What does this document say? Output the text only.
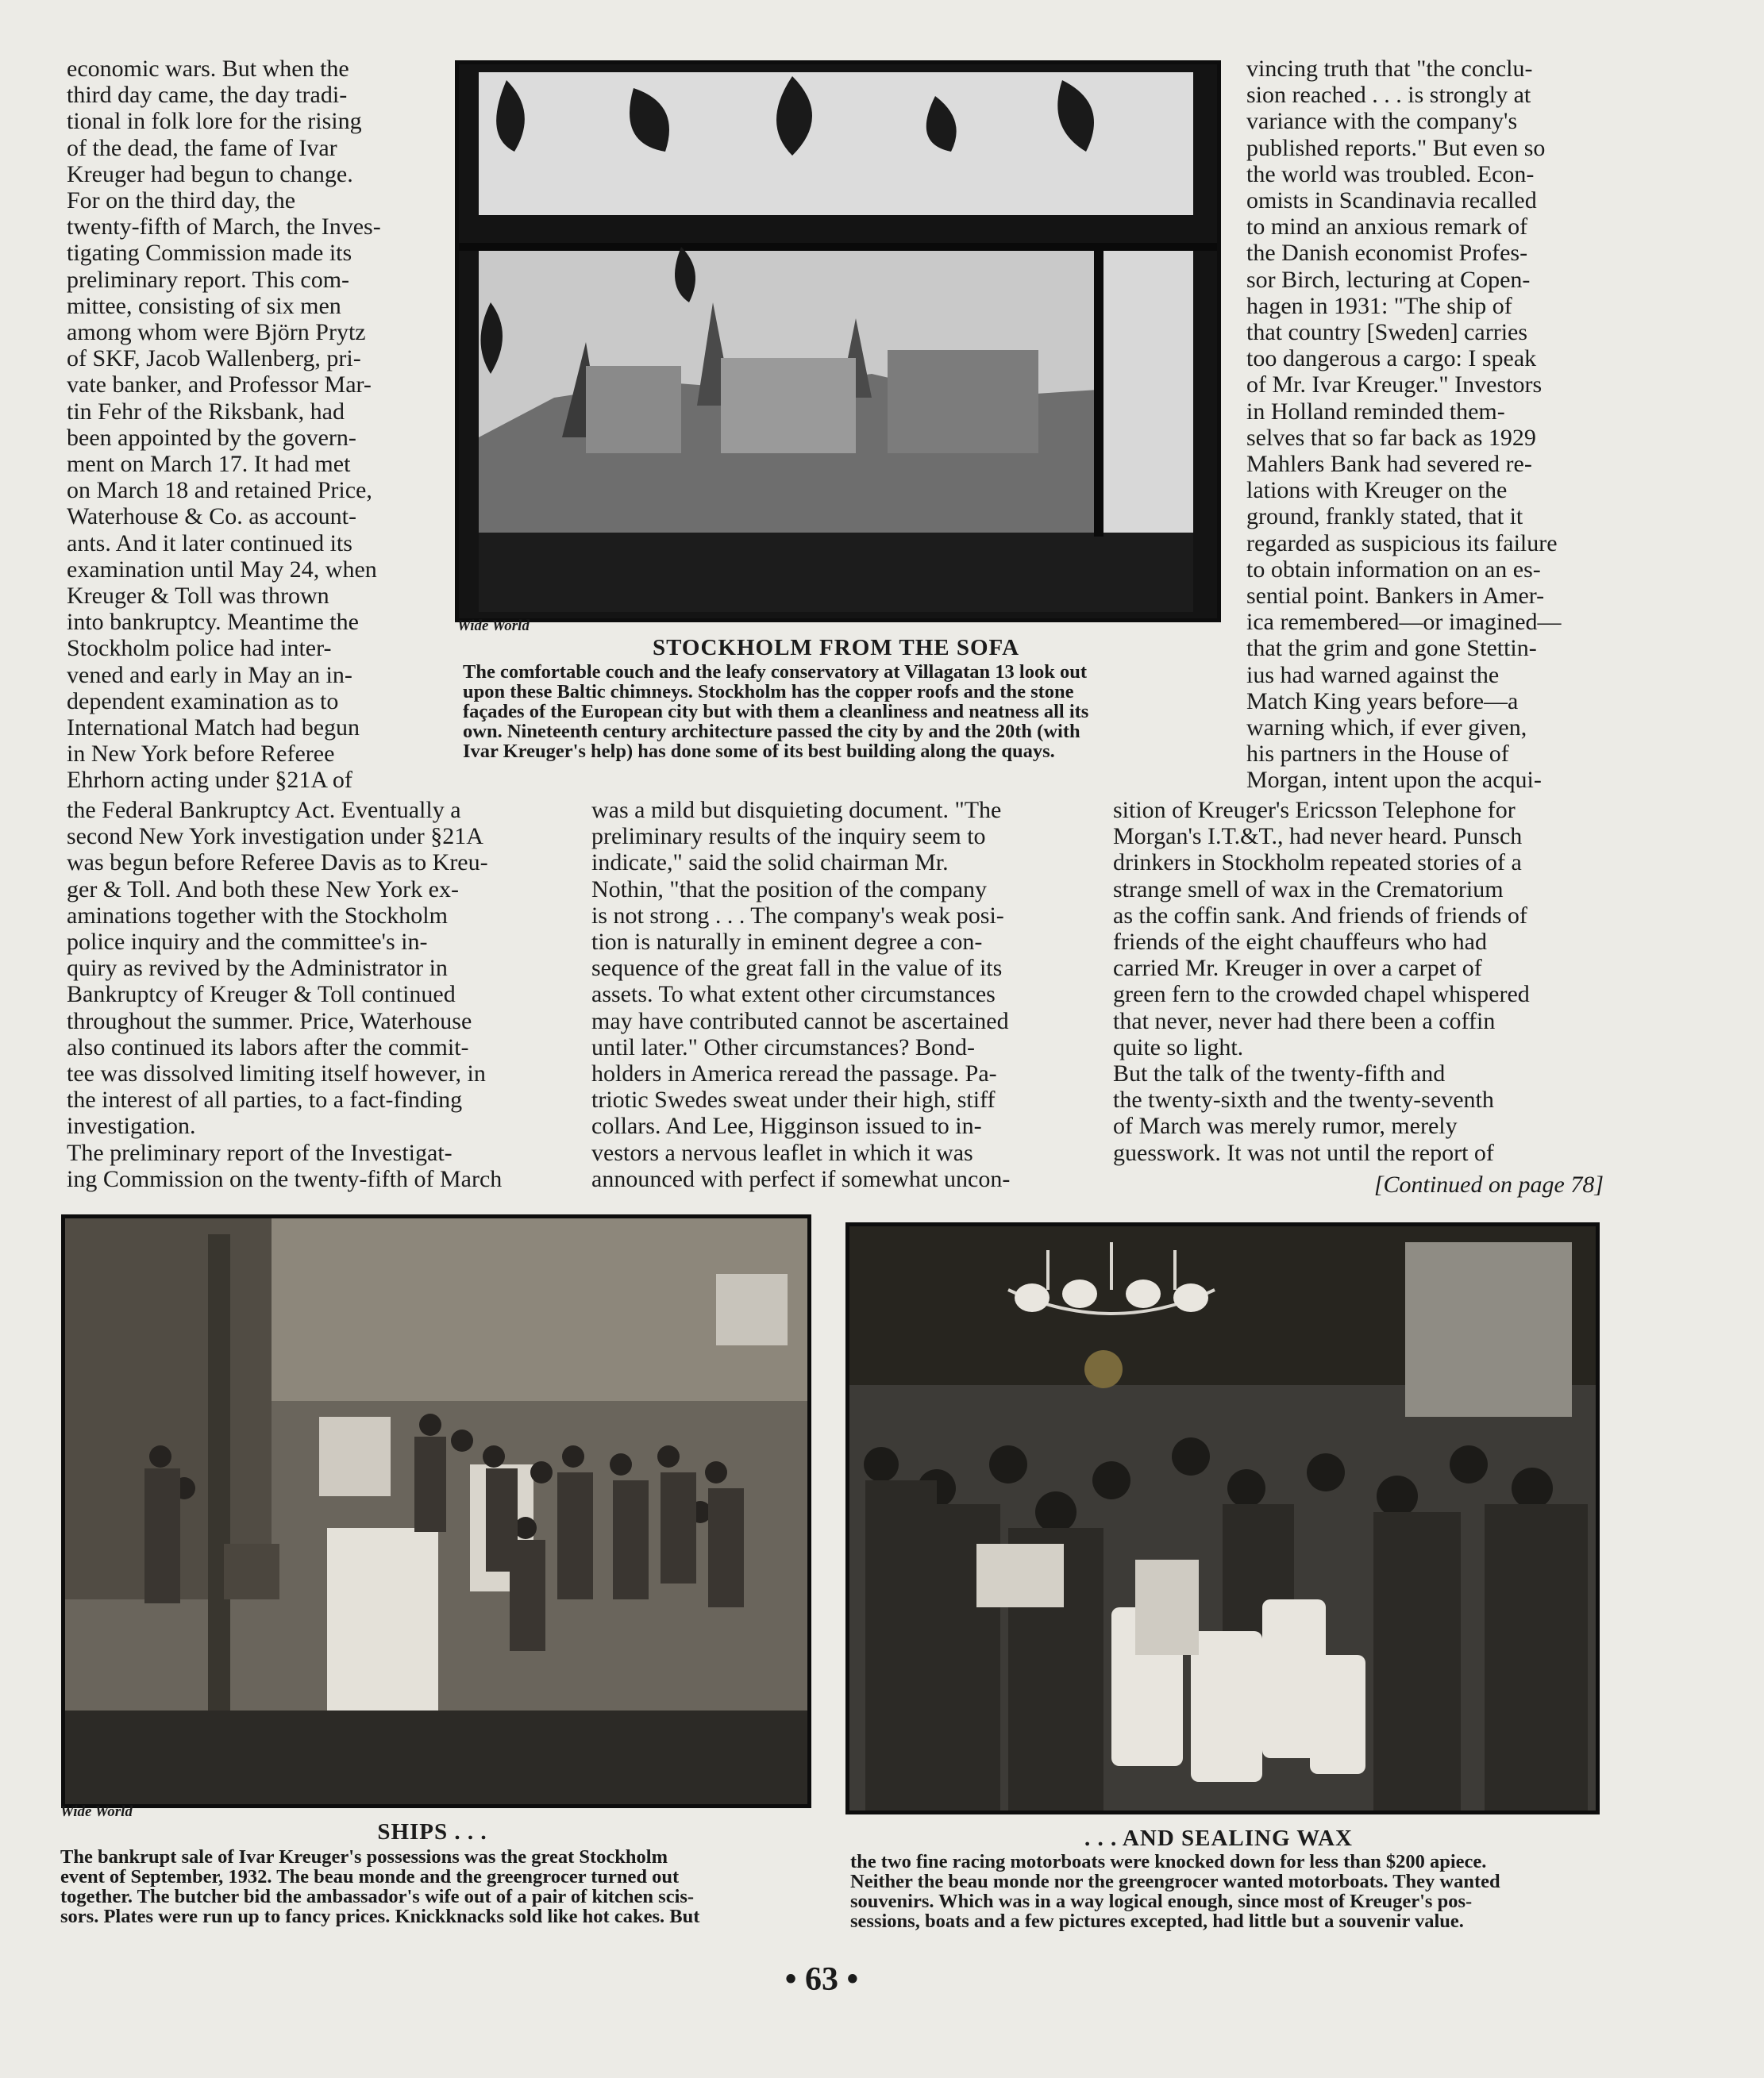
economic wars. But when the
third day came, the day tradi-
tional in folk lore for the rising
of the dead, the fame of Ivar
Kreuger had begun to change.
For on the third day, the
twenty-fifth of March, the Inves-
tigating Commission made its
preliminary report. This com-
mittee, consisting of six men
among whom were Björn Prytz
of SKF, Jacob Wallenberg, pri-
vate banker, and Professor Mar-
tin Fehr of the Riksbank, had
been appointed by the govern-
ment on March 17. It had met
on March 18 and retained Price,
Waterhouse & Co. as account-
ants. And it later continued its
examination until May 24, when
Kreuger & Toll was thrown
into bankruptcy. Meantime the
Stockholm police had inter-
vened and early in May an in-
dependent examination as to
International Match had begun
in New York before Referee
Ehrhorn acting under §21A of
the Federal Bankruptcy Act. Eventually a
second New York investigation under §21A
was begun before Referee Davis as to Kreu-
ger & Toll. And both these New York ex-
aminations together with the Stockholm
police inquiry and the committee's in-
quiry as revived by the Administrator in
Bankruptcy of Kreuger & Toll continued
throughout the summer. Price, Waterhouse
also continued its labors after the commit-
tee was dissolved limiting itself however, in
the interest of all parties, to a fact-finding
investigation.
The preliminary report of the Investigat-
ing Commission on the twenty-fifth of March
was a mild but disquieting document. "The
preliminary results of the inquiry seem to
indicate," said the solid chairman Mr.
Nothin, "that the position of the company
is not strong . . . The company's weak posi-
tion is naturally in eminent degree a con-
sequence of the great fall in the value of its
assets. To what extent other circumstances
may have contributed cannot be ascertained
until later." Other circumstances? Bond-
holders in America reread the passage. Pa-
triotic Swedes sweat under their high, stiff
collars. And Lee, Higginson issued to in-
vestors a nervous leaflet in which it was
announced with perfect if somewhat uncon-
vincing truth that "the conclu-
sion reached . . . is strongly at
variance with the company's
published reports." But even so
the world was troubled. Econ-
omists in Scandinavia recalled
to mind an anxious remark of
the Danish economist Profes-
sor Birch, lecturing at Copen-
hagen in 1931: "The ship of
that country [Sweden] carries
too dangerous a cargo: I speak
of Mr. Ivar Kreuger." Investors
in Holland reminded them-
selves that so far back as 1929
Mahlers Bank had severed re-
lations with Kreuger on the
ground, frankly stated, that it
regarded as suspicious its failure
to obtain information on an es-
sential point. Bankers in Amer-
ica remembered—or imagined—
that the grim and gone Stettin-
ius had warned against the
Match King years before—a
warning which, if ever given,
his partners in the House of
Morgan, intent upon the acqui-
sition of Kreuger's Ericsson Telephone for
Morgan's I.T.&T., had never heard. Punsch
drinkers in Stockholm repeated stories of a
strange smell of wax in the Crematorium
as the coffin sank. And friends of friends of
friends of the eight chauffeurs who had
carried Mr. Kreuger in over a carpet of
green fern to the crowded chapel whispered
that never, never had there been a coffin
quite so light.
But the talk of the twenty-fifth and
the twenty-sixth and the twenty-seventh
of March was merely rumor, merely
guesswork. It was not until the report of
[Continued on page 78]
Wide World
STOCKHOLM FROM THE SOFA
The comfortable couch and the leafy conservatory at Villagatan 13 look out
upon these Baltic chimneys. Stockholm has the copper roofs and the stone
façades of the European city but with them a cleanliness and neatness all its
own. Nineteenth century architecture passed the city by and the 20th (with
Ivar Kreuger's help) has done some of its best building along the quays.
Wide World
SHIPS . . .
The bankrupt sale of Ivar Kreuger's possessions was the great Stockholm
event of September, 1932. The beau monde and the greengrocer turned out
together. The butcher bid the ambassador's wife out of a pair of kitchen scis-
sors. Plates were run up to fancy prices. Knickknacks sold like hot cakes. But
. . . AND SEALING WAX
the two fine racing motorboats were knocked down for less than $200 apiece.
Neither the beau monde nor the greengrocer wanted motorboats. They wanted
souvenirs. Which was in a way logical enough, since most of Kreuger's pos-
sessions, boats and a few pictures excepted, had little but a souvenir value.
• 63 •
